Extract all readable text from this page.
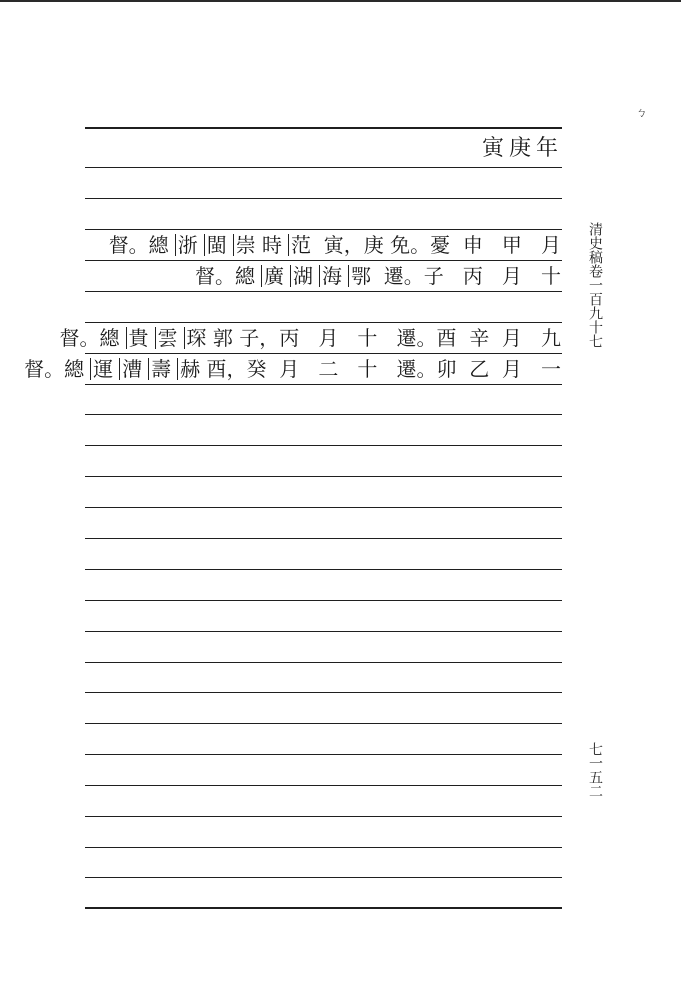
ㄅ
寅庚年
督。總 浙 閩 崇 時 范 寅，庚 免。憂 申 甲 月
督。總 廣 湖 海 鄂 遷。子 丙 月 十
督。總 貴 雲 琛 郭 子，丙 月 十 遷。酉 辛 月 九
督。總 運 漕 壽 赫 酉，癸 月 二 十 遷。卯 乙 月 一
清史稿卷一百九十七
七一五二
